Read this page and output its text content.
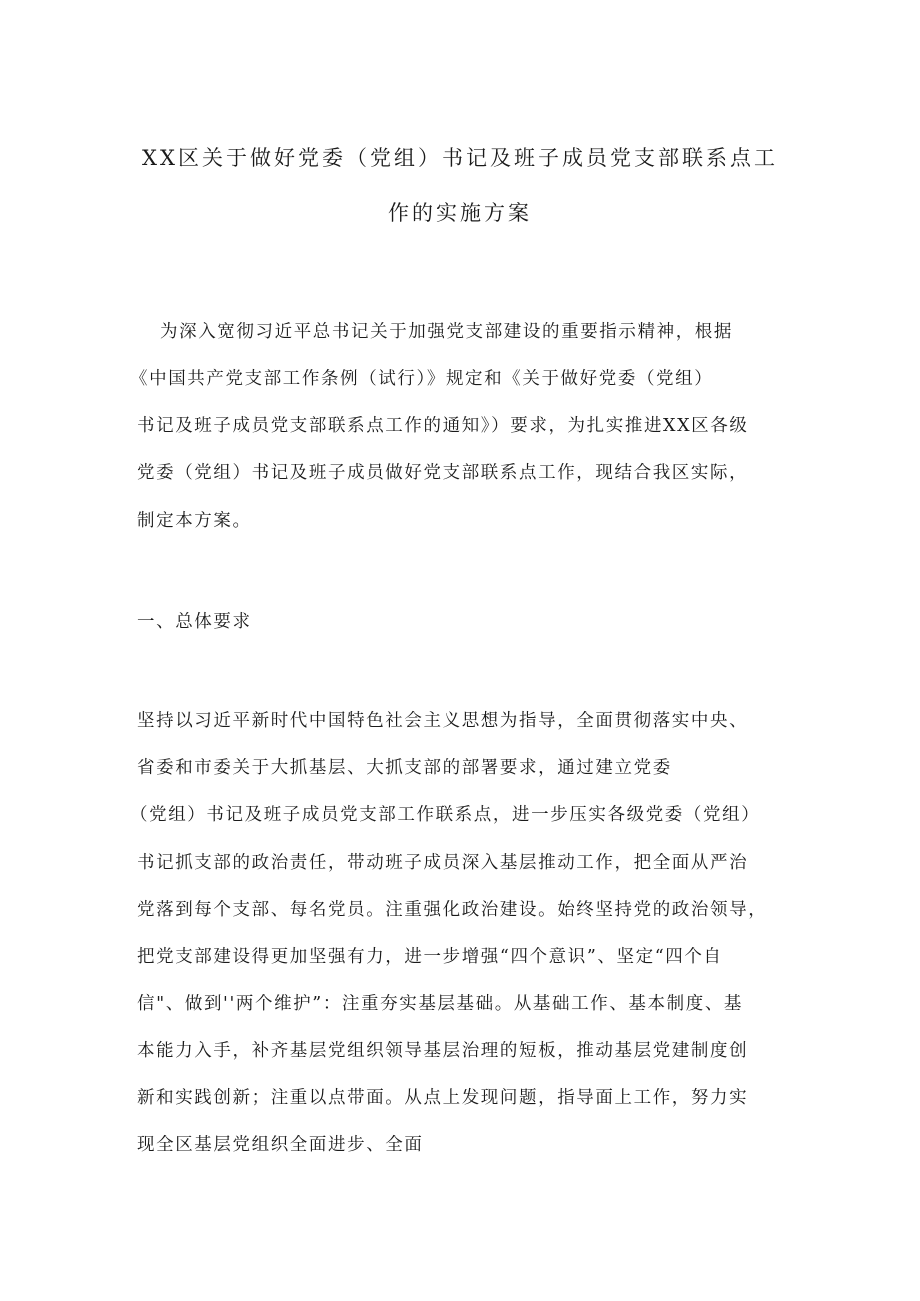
XX区关于做好党委（党组）书记及班子成员党支部联系点工
作的实施方案
为深入宽彻习近平总书记关于加强党支部建设的重要指示精神，根据
《中国共产党支部工作条例（试行）》规定和《关于做好党委（党组）
书记及班子成员党支部联系点工作的通知》）要求，为扎实推进XX区各级
党委（党组）书记及班子成员做好党支部联系点工作，现结合我区实际，
制定本方案。
一、总体要求
坚持以习近平新时代中国特色社会主义思想为指导，全面贯彻落实中央、
省委和市委关于大抓基层、大抓支部的部署要求，通过建立党委
（党组）书记及班子成员党支部工作联系点，进一步压实各级党委（党组）
书记抓支部的政治责任，带动班子成员深入基层推动工作，把全面从严治
党落到每个支部、每名党员。注重强化政治建设。始终坚持党的政治领导，
把党支部建设得更加坚强有力，进一步增强“四个意识”、坚定“四个自
信"、做到''两个维护”：注重夯实基层基础。从基础工作、基本制度、基
本能力入手，补齐基层党组织领导基层治理的短板，推动基层党建制度创
新和实践创新；注重以点带面。从点上发现问题，指导面上工作，努力实
现全区基层党组织全面进步、全面
